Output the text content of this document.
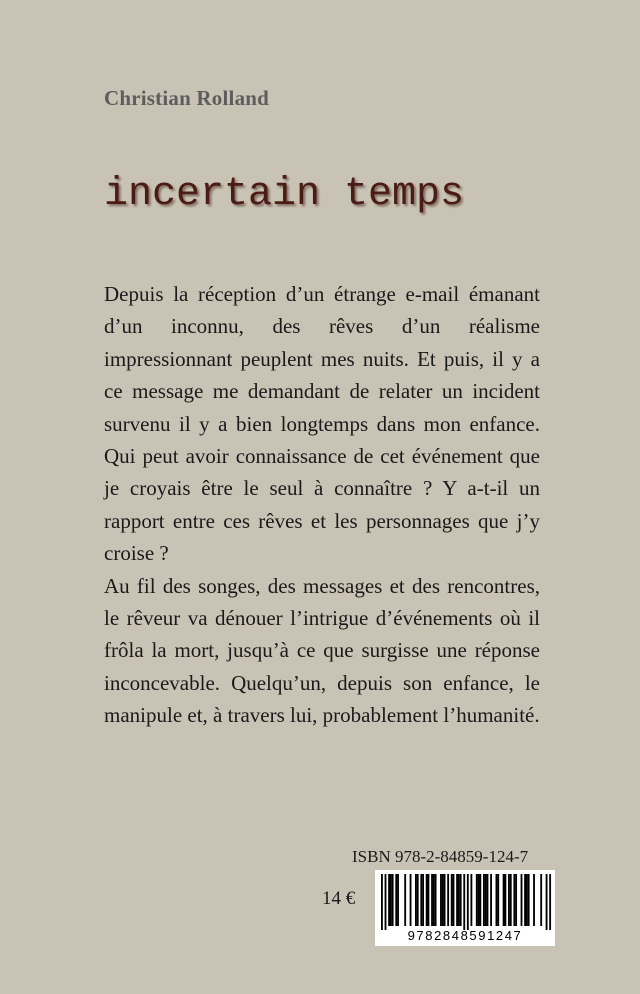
Christian Rolland
incertain temps

Depuis la réception d’un étrange e-mail émanant d’un inconnu, des rêves d’un réalisme impressionnant peuplent mes nuits. Et puis, il y a ce message me demandant de relater un incident survenu il y a bien longtemps dans mon enfance. Qui peut avoir connaissance de cet événement que je croyais être le seul à connaître ? Y a-t-il un rapport entre ces rêves et les personnages que j’y croise ?

Au fil des songes, des messages et des rencontres, le rêveur va dénouer l’intrigue d’événements où il frôla la mort, jusqu’à ce que surgisse une réponse inconcevable. Quelqu’un, depuis son enfance, le manipule et, à travers lui, probablement l’humanité.

ISBN 978-2-84859-124-7
14 €
9782848591247
